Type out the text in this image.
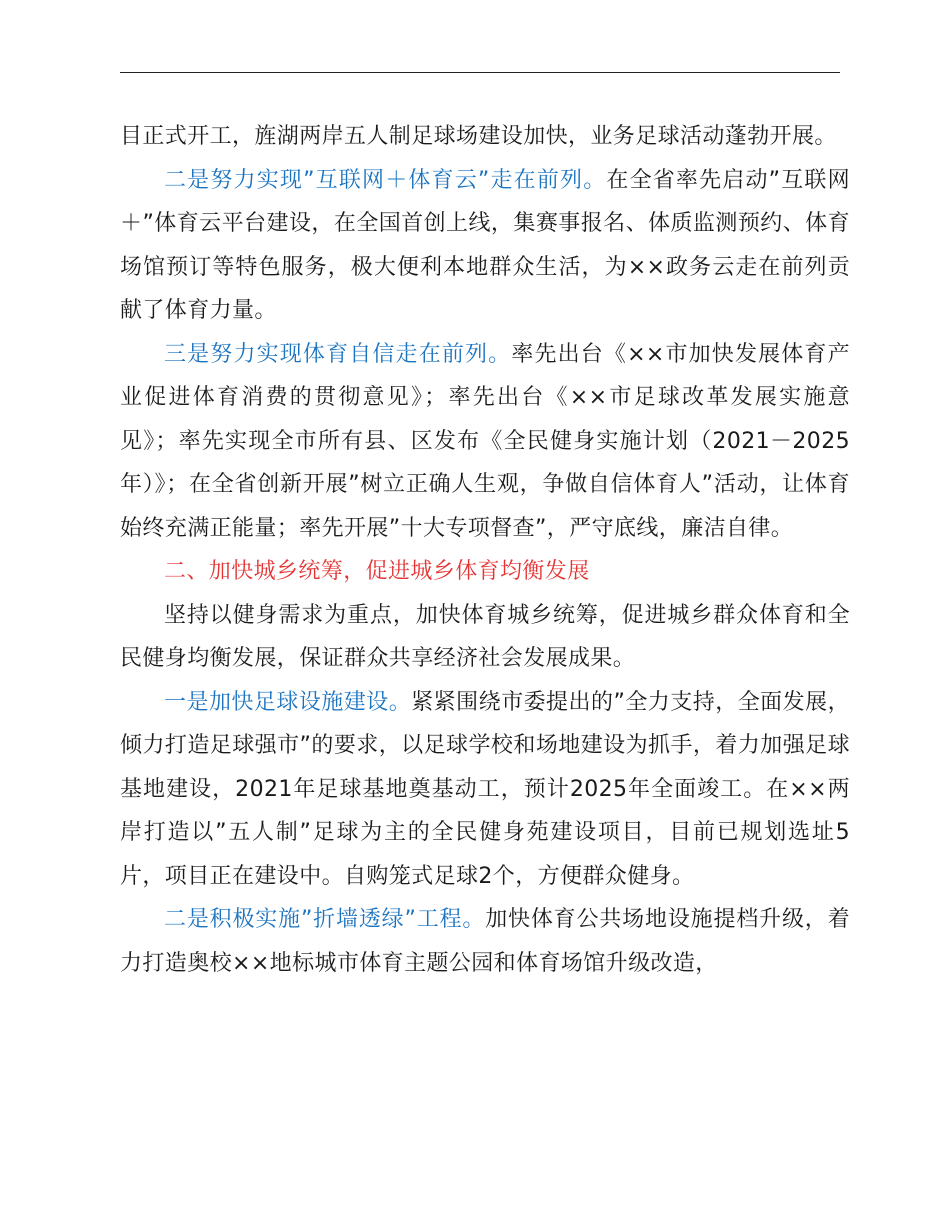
目正式开工，旌湖两岸五人制足球场建设加快，业务足球活动蓬勃开展。

二是努力实现”互联网＋体育云”走在前列。在全省率先启动”互联网＋”体育云平台建设，在全国首创上线，集赛事报名、体质监测预约、体育场馆预订等特色服务，极大便利本地群众生活，为××政务云走在前列贡献了体育力量。

三是努力实现体育自信走在前列。率先出台《××市加快发展体育产业促进体育消费的贯彻意见》；率先出台《××市足球改革发展实施意见》；率先实现全市所有县、区发布《全民健身实施计划（2021－2025年）》；在全省创新开展”树立正确人生观，争做自信体育人”活动，让体育始终充满正能量；率先开展”十大专项督查”，严守底线，廉洁自律。

二、加快城乡统筹，促进城乡体育均衡发展

坚持以健身需求为重点，加快体育城乡统筹，促进城乡群众体育和全民健身均衡发展，保证群众共享经济社会发展成果。

一是加快足球设施建设。紧紧围绕市委提出的”全力支持，全面发展，倾力打造足球强市”的要求，以足球学校和场地建设为抓手，着力加强足球基地建设，2021年足球基地奠基动工，预计2025年全面竣工。在××两岸打造以”五人制”足球为主的全民健身苑建设项目，目前已规划选址5片，项目正在建设中。自购笼式足球2个，方便群众健身。

二是积极实施”折墙透绿”工程。加快体育公共场地设施提档升级，着力打造奥校××地标城市体育主题公园和体育场馆升级改造，
